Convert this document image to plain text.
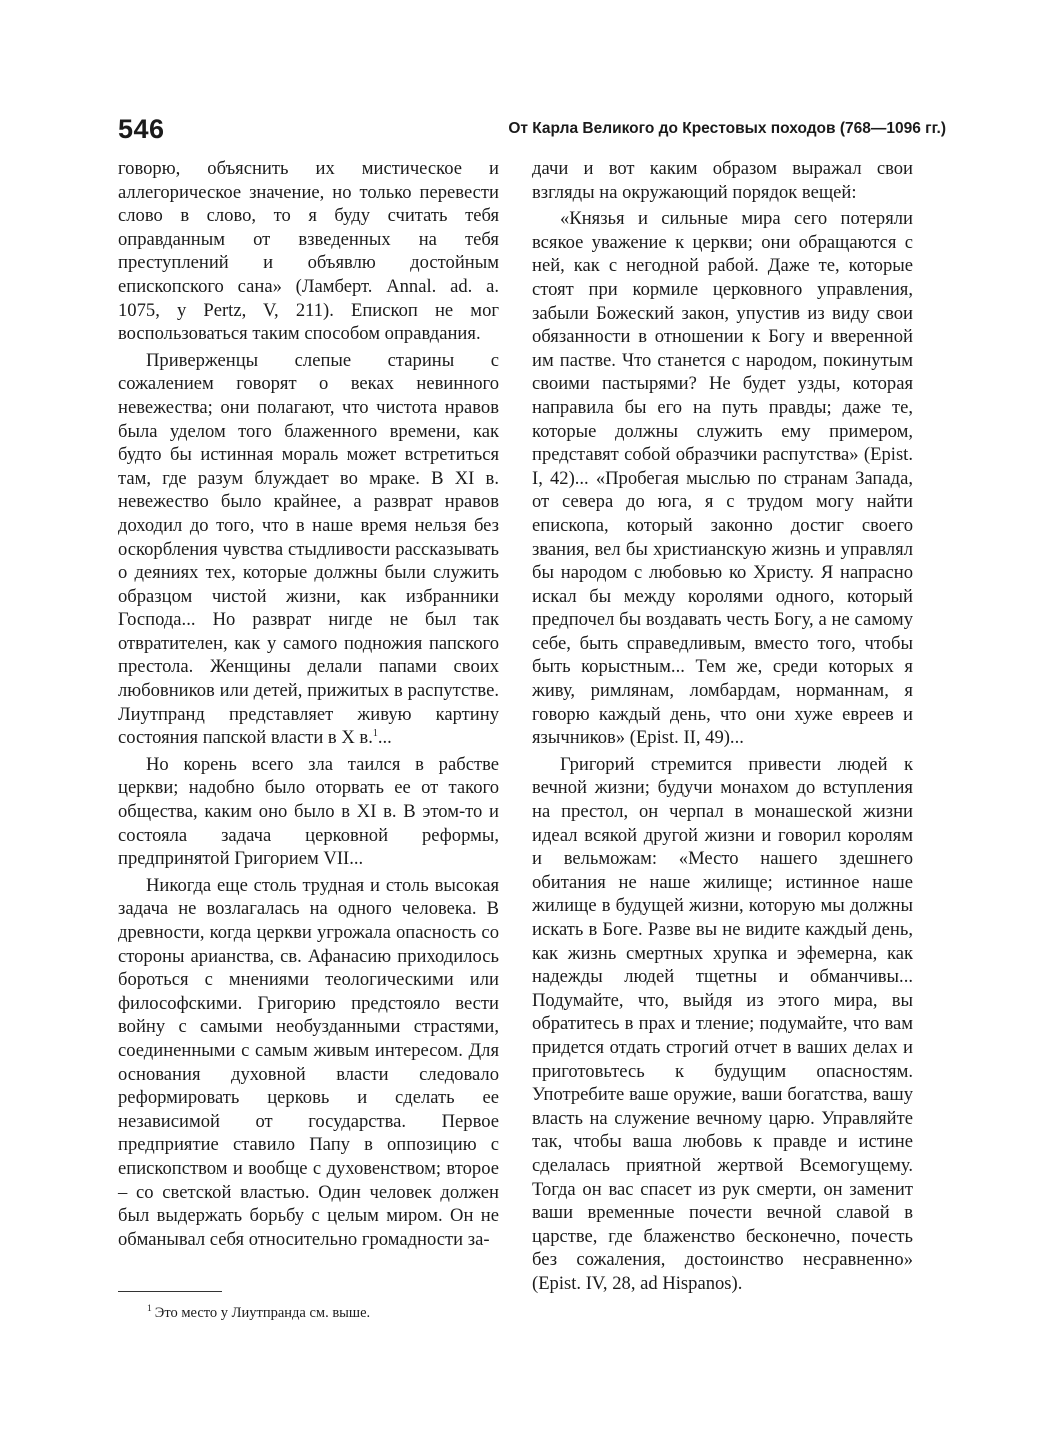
546	От Карла Великого до Крестовых походов (768—1096 гг.)

говорю, объяснить их мистическое и аллегорическое значение, но только перевести слово в слово, то я буду считать тебя оправданным от взведенных на тебя преступлений и объявлю достойным епископского сана» (Ламберт. Annal. ad. a. 1075, у Pertz, V, 211). Епископ не мог воспользоваться таким способом оправдания.

Приверженцы слепые старины с сожалением говорят о веках невинного невежества; они полагают, что чистота нравов была уделом того блаженного времени, как будто бы истинная мораль может встретиться там, где разум блуждает во мраке. В XI в. невежество было крайнее, а разврат нравов доходил до того, что в наше время нельзя без оскорбления чувства стыдливости рассказывать о деяниях тех, которые должны были служить образцом чистой жизни, как избранники Господа... Но разврат нигде не был так отвратителен, как у самого подножия папского престола. Женщины делали папами своих любовников или детей, прижитых в распутстве. Лиутпранд представляет живую картину состояния папской власти в X в.$^1$...

Но корень всего зла таился в рабстве церкви; надобно было оторвать ее от такого общества, каким оно было в XI в. В этом-то и состояла задача церковной реформы, предпринятой Григорием VII...

Никогда еще столь трудная и столь высокая задача не возлагалась на одного человека. В древности, когда церкви угрожала опасность со стороны арианства, св. Афанасию приходилось бороться с мнениями теологическими или философскими. Григорию предстояло вести войну с самыми необузданными страстями, соединенными с самым живым интересом. Для основания духовной власти следовало реформировать церковь и сделать ее независимой от государства. Первое предприятие ставило Папу в оппозицию с епископством и вообще с духовенством; второе – со светской властью. Один человек должен был выдержать борьбу с целым миром. Он не обманывал себя относительно громадности за-

дачи и вот каким образом выражал свои взгляды на окружающий порядок вещей:

«Князья и сильные мира сего потеряли всякое уважение к церкви; они обращаются с ней, как с негодной рабой. Даже те, которые стоят при кормиле церковного управления, забыли Божеский закон, упустив из виду свои обязанности в отношении к Богу и вверенной им пастве. Что станется с народом, покинутым своими пастырями? Не будет узды, которая направила бы его на путь правды; даже те, которые должны служить ему примером, представят собой образчики распутства» (Epist. I, 42)... «Пробегая мыслью по странам Запада, от севера до юга, я с трудом могу найти епископа, который законно достиг своего звания, вел бы христианскую жизнь и управлял бы народом с любовью ко Христу. Я напрасно искал бы между королями одного, который предпочел бы воздавать честь Богу, а не самому себе, быть справедливым, вместо того, чтобы быть корыстным... Тем же, среди которых я живу, римлянам, ломбардам, норманнам, я говорю каждый день, что они хуже евреев и язычников» (Epist. II, 49)...

Григорий стремится привести людей к вечной жизни; будучи монахом до вступления на престол, он черпал в монашеской жизни идеал всякой другой жизни и говорил королям и вельможам: «Место нашего здешнего обитания не наше жилище; истинное наше жилище в будущей жизни, которую мы должны искать в Боге. Разве вы не видите каждый день, как жизнь смертных хрупка и эфемерна, как надежды людей тщетны и обманчивы... Подумайте, что, выйдя из этого мира, вы обратитесь в прах и тление; подумайте, что вам придется отдать строгий отчет в ваших делах и приготовьтесь к будущим опасностям. Употребите ваше оружие, ваши богатства, вашу власть на служение вечному царю. Управляйте так, чтобы ваша любовь к правде и истине сделалась приятной жертвой Всемогущему. Тогда он вас спасет из рук смерти, он заменит ваши временные почести вечной славой в царстве, где блаженство бесконечно, почесть без сожаления, достоинство несравненно» (Epist. IV, 28, ad Hispanos).

$^1$ Это место у Лиутпранда см. выше.
